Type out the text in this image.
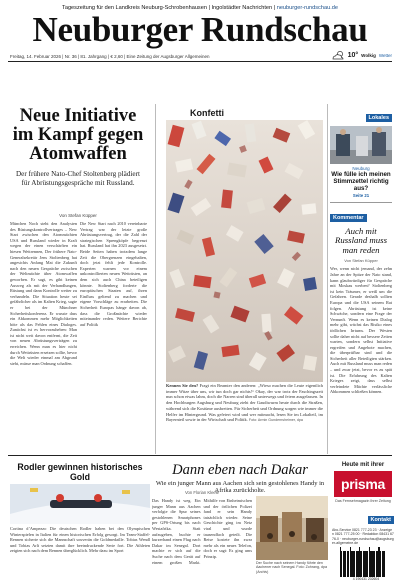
Tageszeitung für den Landkreis Neuburg-Schrobenhausen | Ingolstädter Nachrichten | neuburger-rundschau.de
Neuburger Rundschau
Freitag, 14. Februar 2026 | Nr. 36 | 81. Jahrgang | € 2,60 | Eine Zeitung der Augsburger Allgemeinen	10° Wolkig Wetter
Neue Initiative im Kampf gegen Atomwaffen
Der frühere Nato-Chef Stoltenberg plädiert für Abrüstungsgespräche mit Russland.
Von Stefan Küpper
München Noch steht den Analysten des Rüstungskontrollvertrages – New Start zwischen den Atommächten USA und Russland wieder in Kraft wegen der einen verschärften ein hiesen Wettrennen, Der frühere Nato-Generalsekretär Jens Stoltenberg hat angesichts Anfang Mai die Zukunft nach den neuen Gespräche zwischen der Weltmächte über Atomwaffen geworben. Er sagt, es gibt keinen Ausweg als mit der Verhandlungen, Rüstung und dann Kontrolle weiter zu verhandeln. Die Situation heute sei gefährlicher als im Kalten Krieg, sagte er bei der Münchner Sicherheitskonferenz. Er wusste dass ein Abkommen mehr Möglichkeiten böte als das Fehlen eines Dialoges. Zunächst ist es hervorzuheben: Man ist nicht weit davon entfernt, die Zeit von neuen Abrüstungsverträgen zu erreichen. Wenn man es hier nicht durch Wettrüsten ersetzen sollte, bevor die Welt wieder einmal am Abgrund steht, müsse man Ordnung schaffen.
Die New Start nach 2010 vereinbarte Vertrag war der letzte große Abrüstungsvertrag, der die Zahl der strategischen Sprengköpfe begrenzt hat. Russland hat ihn 2023 ausgesetzt. Beide Seiten haben trotzdem lange Zeit die Obergrenzen eingehalten, doch jetzt fehlt jede Kontrolle. Experten warnen vor einem unkontrollierten neuen Wettrüsten, an dem sich auch China beteiligen könnte. Stoltenberg forderte die europäischen Staaten auf, ihren Einfluss geltend zu machen und eigene Vorschläge zu erarbeiten. Die Sicherheit Europas hänge davon ab, dass die Großmächte wieder miteinander reden. Weitere Berichte auf Politik
Konfetti
Kennen Sie den? Fragt ein Beamter den anderen: „Wieso machen die Leute eigentlich immer Witze über uns, wir tun doch gar nichts!“ Okay, der war trotz der Faschingszeit nun schon etwas lahm, doch die Narren sind überall unterwegs und feiern ausgelassen. In den Hochburgen Augsburg und Neuburg zieht der Gaudiwurm heute durch die Straßen, während sich die Kostüme ausbreiten. Für Sicherheit und Ordnung sorgen wie immer die Helfer im Hintergrund. Was gefeiert wird und wer mitmacht, lesen Sie im Lokalteil, im Bayernteil sowie in der Wirtschaft und Politik. Foto: Armin Gundernsheimer, dpa
Lokales
Neuburg
Wie fülle ich meinen Stimmzettel richtig aus?
Seite 21
Kommentar
Auch mit Russland muss man reden
Von Stefan Küpper
Wer, wenn nicht jemand, der zehn Jahre an der Spitze der Nato stand, kann glaubwürdiger für Gespräche mit Moskau werben? Stoltenberg ist kein Träumer, er weiß um die Gefahren. Gerade deshalb sollten Europa und die USA seinem Rat folgen. Abrüstung ist keine Schwäche, sondern eine Frage der Vernunft. Wenn es keinen Dialog mehr gibt, wächst das Risiko eines tödlichen Irrtums. Der Westen sollte daher nicht auf bessere Zeiten warten, sondern selbst Initiative ergreifen und Angebote machen, die überprüfbar sind und die Sicherheit aller Beteiligten stärken. Auch mit Russland muss man reden – und zwar jetzt, bevor es zu spät ist. Die Erfahrung des Kalten Krieges zeigt, dass selbst verfeindete Mächte verlässliche Abkommen schließen können.
Rodler gewinnen historisches Gold
Cortina d’Ampezzo Die deutschen Rodler haben bei den Olympischen Winterspielen in Italien für einen historischen Erfolg gesorgt. Im Team-Staffel-Rennen sicherte sich die Mannschaft souverän die Goldmedaille. Tobias Wendl und Tobias Arlt setzten damit ihre beeindruckende Serie fort. Die Athleten zeigten sich nach dem Rennen überglücklich. Mehr dazu im Sport
Dann eben nach Dakar
Wie ein junger Mann aus Aachen sich sein gestohlenes Handy in Afrika zurückholte.
Von Florian Kleele
Das Handy ist weg. Ein junger Mann aus Aachen verfolgte die Spur seines gestohlenen Smartphones per GPS-Ortung bis nach Westafrika. Statt aufzugeben, buchte er kurzerhand einen Flug nach Dakar im Senegal. Dort machte er sich auf die Suche nach dem Gerät auf einem großen Markt. Mithilfe von Einheimischen und der örtlichen Polizei fand er sein Handy tatsächlich wieder. Seine Geschichte ging im Netz viral und wurde tausendfach geteilt. Die Reise kostete ihn zwar mehr als ein neues Telefon, doch er sagt: Es ging ums Prinzip.
Der Suche nach seinem Handy führte den Aachener nach Senegal. Foto: Zohrang, dpa (Archiv)
Heute mit ihrer
prisma
Das Fernsehmagazin Ihrer Zeitung
Kontakt
Abo-Service 0821 777-23 23 · Anzeigen 0821 777-25 00 · Redaktion 08431 67 76-0 · neuburger-rundschau@augsburger-allgemeine.de
4 190431 202604
